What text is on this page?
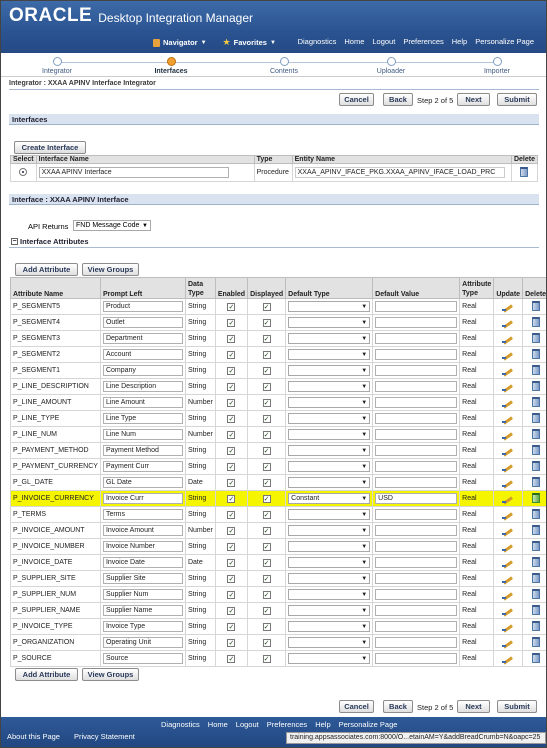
ORACLE Desktop Integration Manager
Navigator ▼ ★ Favorites ▼	Diagnostics Home Logout Preferences Help Personalize Page
Integrator	Interfaces	Contents	Uploader	Importer
Integrator : XXAA APINV Interface Integrator
Cancel	Back	Step 2 of 5	Next	Submit
Interfaces
Create Interface
Select	Interface Name	Type	Entity Name	Delete

	XXAA APINV Interface	Procedure	XXAA_APINV_IFACE_PKG.XXAA_APINV_IFACE_LOAD_PRC	

Interface : XXAA APINV Interface
API Returns	FND Message Code ▼
− Interface Attributes
Add Attribute	View Groups
Attribute Name	Prompt Left	Data Type	Enabled	Displayed	Default Type	Default Value	Attribute Type	Update	Delete
P_SEGMENT5	Product	String	✓	✓	▼		Real		
P_SEGMENT4	Outlet	String	✓	✓	▼		Real		
P_SEGMENT3	Department	String	✓	✓	▼		Real		
P_SEGMENT2	Account	String	✓	✓	▼		Real		
P_SEGMENT1	Company	String	✓	✓	▼		Real		
P_LINE_DESCRIPTION	Line Description	String	✓	✓	▼		Real		
P_LINE_AMOUNT	Line Amount	Number	✓	✓	▼		Real		
P_LINE_TYPE	Line Type	String	✓	✓	▼		Real		
P_LINE_NUM	Line Num	Number	✓	✓	▼		Real		
P_PAYMENT_METHOD	Payment Method	String	✓	✓	▼		Real		
P_PAYMENT_CURRENCY	Payment Curr	String	✓	✓	▼		Real		
P_GL_DATE	GL Date	Date	✓	✓	▼		Real		
P_INVOICE_CURRENCY	Invoice Curr	String	✓	✓	Constant ▼	USD	Real		
P_TERMS	Terms	String	✓	✓	▼		Real		
P_INVOICE_AMOUNT	Invoice Amount	Number	✓	✓	▼		Real		
P_INVOICE_NUMBER	Invoice Number	String	✓	✓	▼		Real		
P_INVOICE_DATE	Invoice Date	Date	✓	✓	▼		Real		
P_SUPPLIER_SITE	Supplier Site	String	✓	✓	▼		Real		
P_SUPPLIER_NUM	Supplier Num	String	✓	✓	▼		Real		
P_SUPPLIER_NAME	Supplier Name	String	✓	✓	▼		Real		
P_INVOICE_TYPE	Invoice Type	String	✓	✓	▼		Real		
P_ORGANIZATION	Operating Unit	String	✓	✓	▼		Real		
P_SOURCE	Source	String	✓	✓	▼		Real		
Add Attribute	View Groups
Cancel	Back	Step 2 of 5	Next	Submit
Diagnostics Home Logout Preferences Help Personalize Page
About this Page Privacy Statement	training.appsassociates.com:8000/O...etainAM=Y&addBreadCrumb=N&oapc=25
